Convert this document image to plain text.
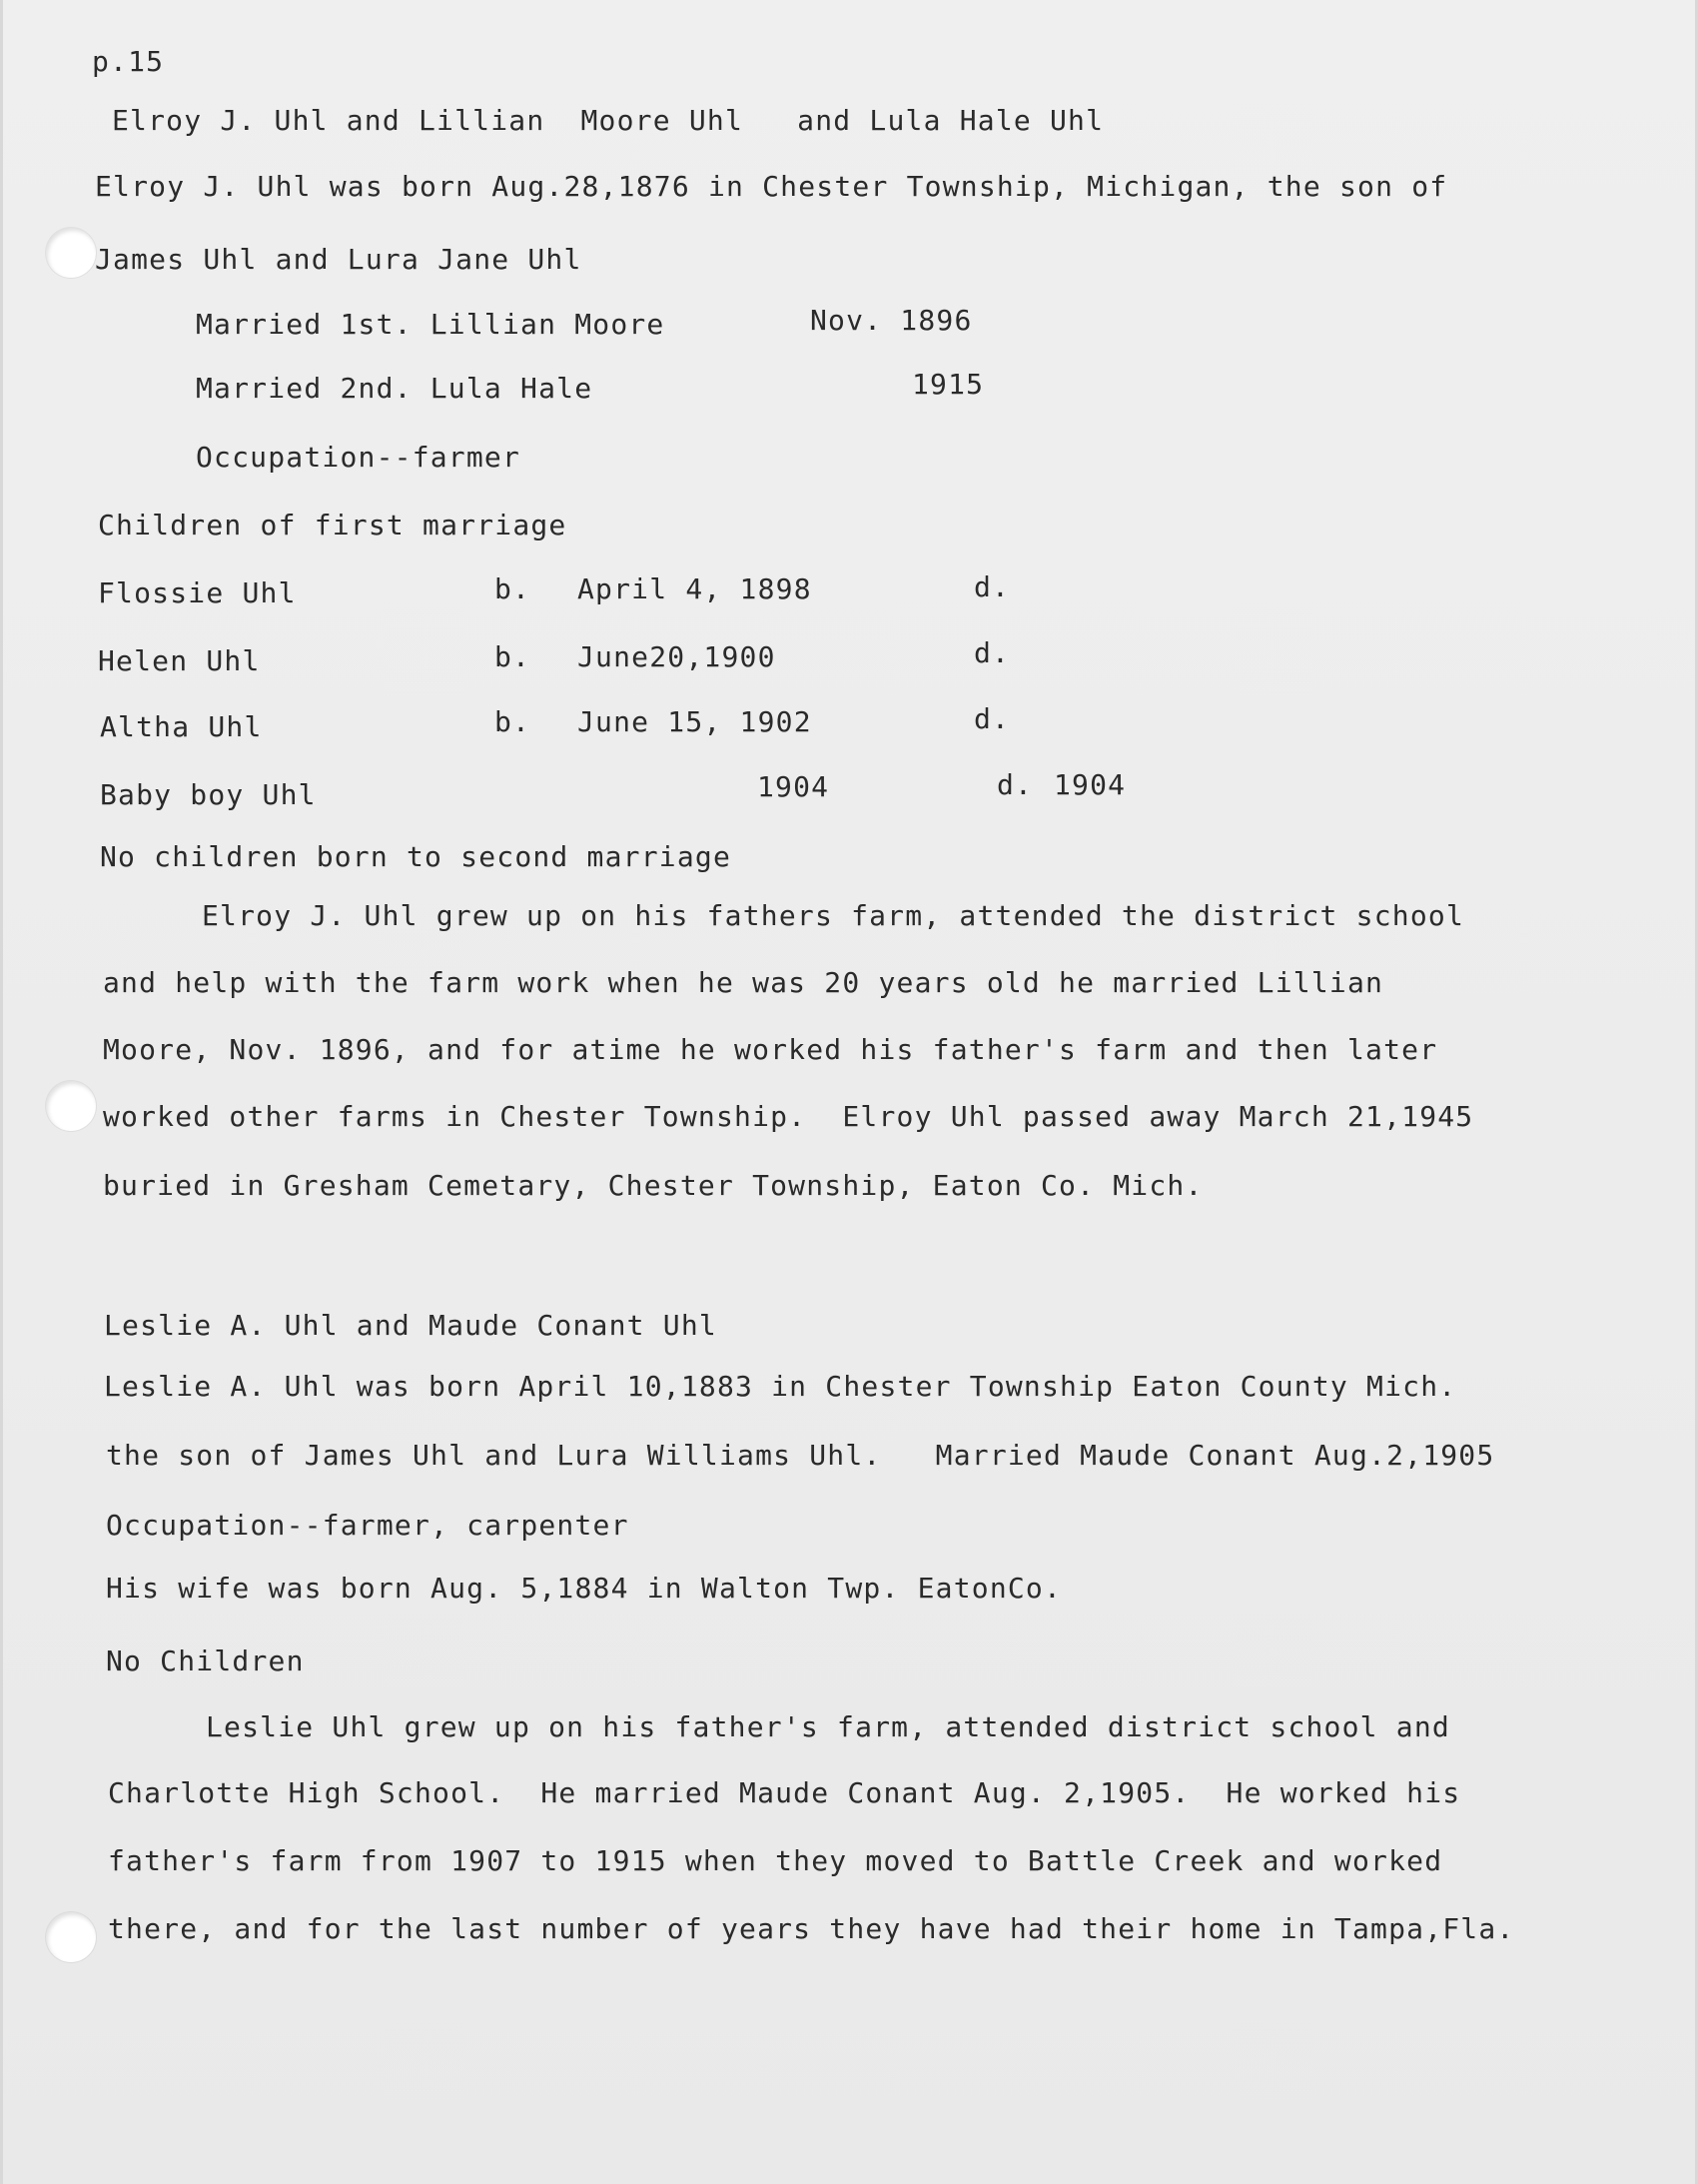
p.15
Elroy J. Uhl and Lillian  Moore Uhl   and Lula Hale Uhl
Elroy J. Uhl was born Aug.28,1876 in Chester Township, Michigan, the son of
James Uhl and Lura Jane Uhl
Married 1st. Lillian Moore	Nov. 1896
Married 2nd. Lula Hale	1915
Occupation--farmer
Children of first marriage
Flossie Uhl	b. April 4, 1898	d.
Helen Uhl	b. June20,1900	d.
Altha Uhl	b. June 15, 1902	d.
Baby boy Uhl	1904	d. 1904
No children born to second marriage
Elroy J. Uhl grew up on his fathers farm, attended the district school
and help with the farm work when he was 20 years old he married Lillian
Moore, Nov. 1896, and for atime he worked his father's farm and then later
worked other farms in Chester Township.  Elroy Uhl passed away March 21,1945
buried in Gresham Cemetary, Chester Township, Eaton Co. Mich.
Leslie A. Uhl and Maude Conant Uhl
Leslie A. Uhl was born April 10,1883 in Chester Township Eaton County Mich.
the son of James Uhl and Lura Williams Uhl.   Married Maude Conant Aug.2,1905
Occupation--farmer, carpenter
His wife was born Aug. 5,1884 in Walton Twp. EatonCo.
No Children
Leslie Uhl grew up on his father's farm, attended district school and
Charlotte High School.  He married Maude Conant Aug. 2,1905.  He worked his
father's farm from 1907 to 1915 when they moved to Battle Creek and worked
there, and for the last number of years they have had their home in Tampa,Fla.
